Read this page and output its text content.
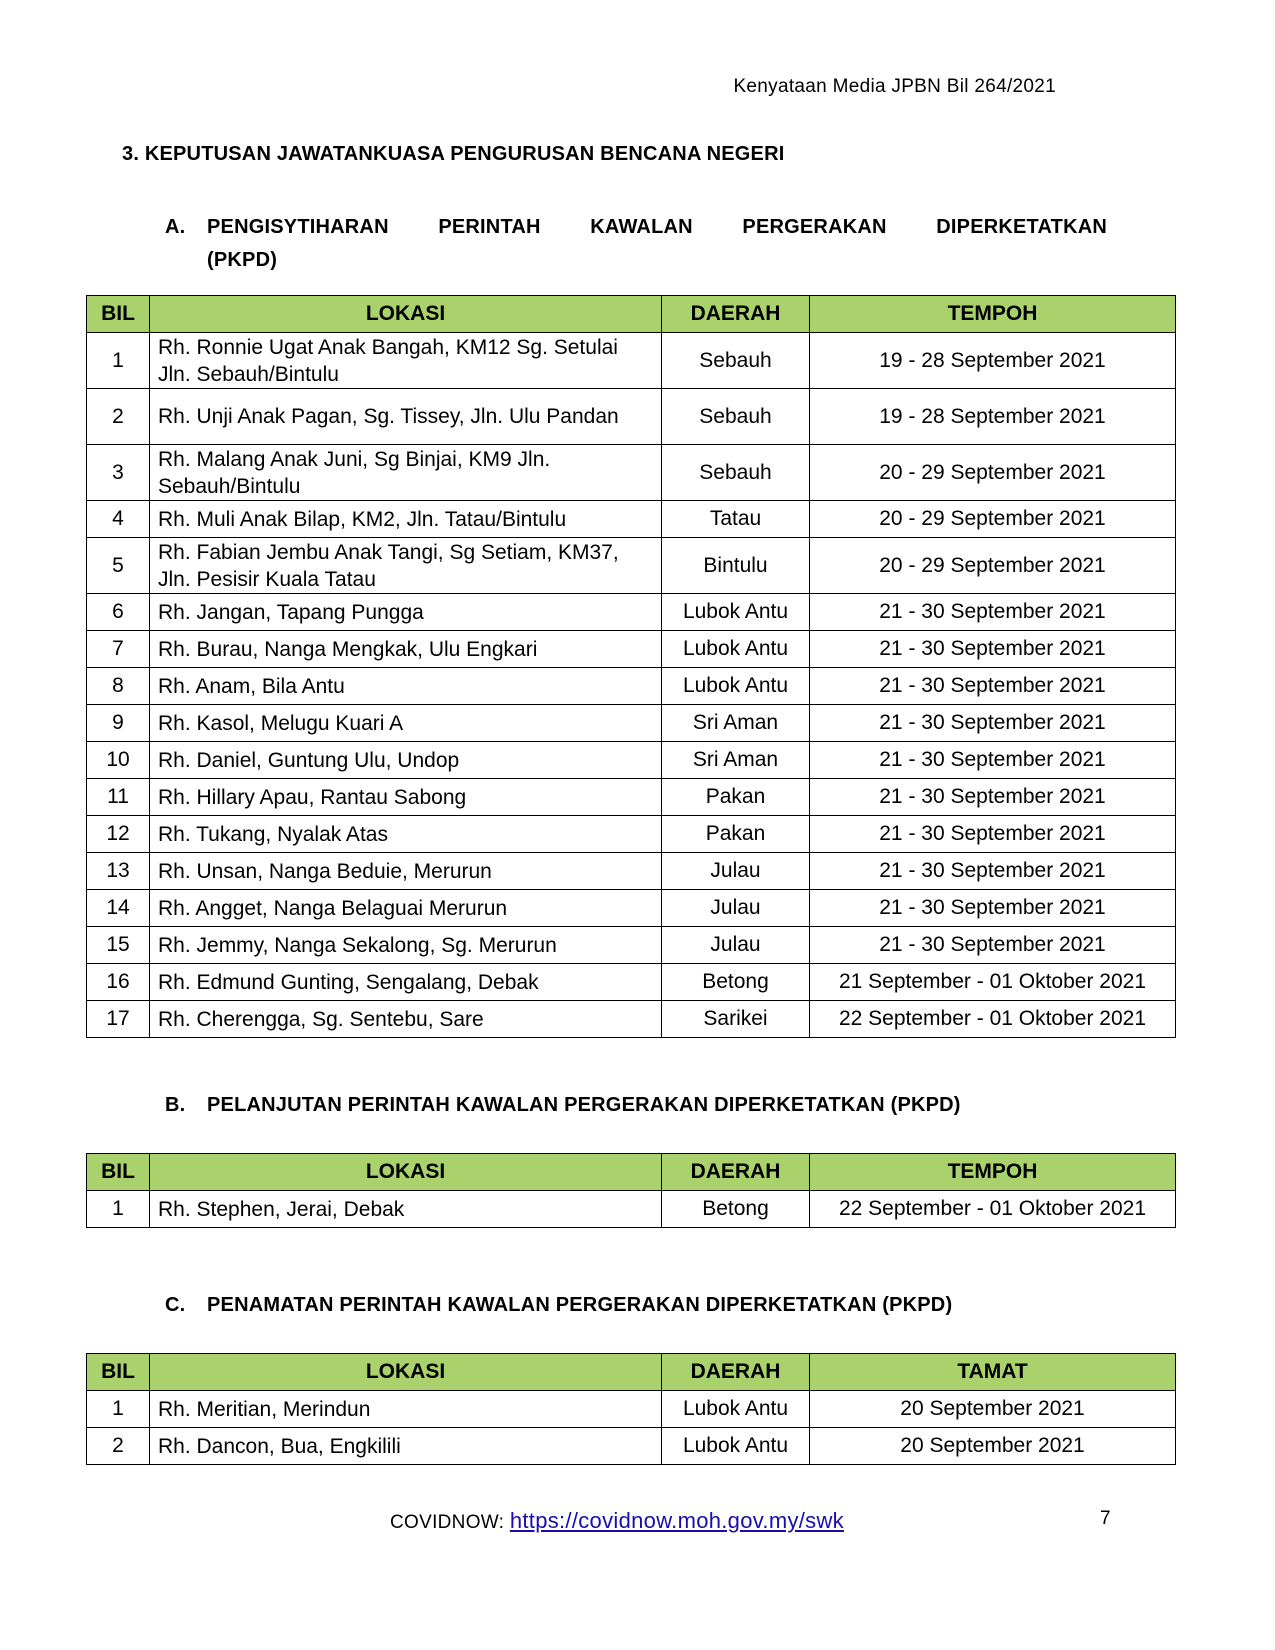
Kenyataan Media JPBN Bil 264/2021
3. KEPUTUSAN JAWATANKUASA PENGURUSAN BENCANA NEGERI
A.	PENGISYTIHARAN PERINTAH KAWALAN PERGERAKAN DIPERKETATKAN (PKPD)
BIL	LOKASI	DAERAH	TEMPOH
1	Rh. Ronnie Ugat Anak Bangah, KM12 Sg. Setulai Jln. Sebauh/Bintulu	Sebauh	19 - 28 September 2021
2	Rh. Unji Anak Pagan, Sg. Tissey, Jln. Ulu Pandan	Sebauh	19 - 28 September 2021
3	Rh. Malang Anak Juni, Sg Binjai, KM9 Jln. Sebauh/Bintulu	Sebauh	20 - 29 September 2021
4	Rh. Muli Anak Bilap, KM2, Jln. Tatau/Bintulu	Tatau	20 - 29 September 2021
5	Rh. Fabian Jembu Anak Tangi, Sg Setiam, KM37, Jln. Pesisir Kuala Tatau	Bintulu	20 - 29 September 2021
6	Rh. Jangan, Tapang Pungga	Lubok Antu	21 - 30 September 2021
7	Rh. Burau, Nanga Mengkak, Ulu Engkari	Lubok Antu	21 - 30 September 2021
8	Rh. Anam, Bila Antu	Lubok Antu	21 - 30 September 2021
9	Rh. Kasol, Melugu Kuari A	Sri Aman	21 - 30 September 2021
10	Rh. Daniel, Guntung Ulu, Undop	Sri Aman	21 - 30 September 2021
11	Rh. Hillary Apau, Rantau Sabong	Pakan	21 - 30 September 2021
12	Rh. Tukang, Nyalak Atas	Pakan	21 - 30 September 2021
13	Rh. Unsan, Nanga Beduie, Merurun	Julau	21 - 30 September 2021
14	Rh. Angget, Nanga Belaguai Merurun	Julau	21 - 30 September 2021
15	Rh. Jemmy, Nanga Sekalong, Sg. Merurun	Julau	21 - 30 September 2021
16	Rh. Edmund Gunting, Sengalang, Debak	Betong	21 September - 01 Oktober 2021
17	Rh. Cherengga, Sg. Sentebu, Sare	Sarikei	22 September - 01 Oktober 2021
B.	PELANJUTAN PERINTAH KAWALAN PERGERAKAN DIPERKETATKAN (PKPD)
BIL	LOKASI	DAERAH	TEMPOH
1	Rh. Stephen, Jerai, Debak	Betong	22 September - 01 Oktober 2021
C.	PENAMATAN PERINTAH KAWALAN PERGERAKAN DIPERKETATKAN (PKPD)
BIL	LOKASI	DAERAH	TAMAT
1	Rh. Meritian, Merindun	Lubok Antu	20 September 2021
2	Rh. Dancon, Bua, Engkilili	Lubok Antu	20 September 2021
COVIDNOW: https://covidnow.moh.gov.my/swk	7
